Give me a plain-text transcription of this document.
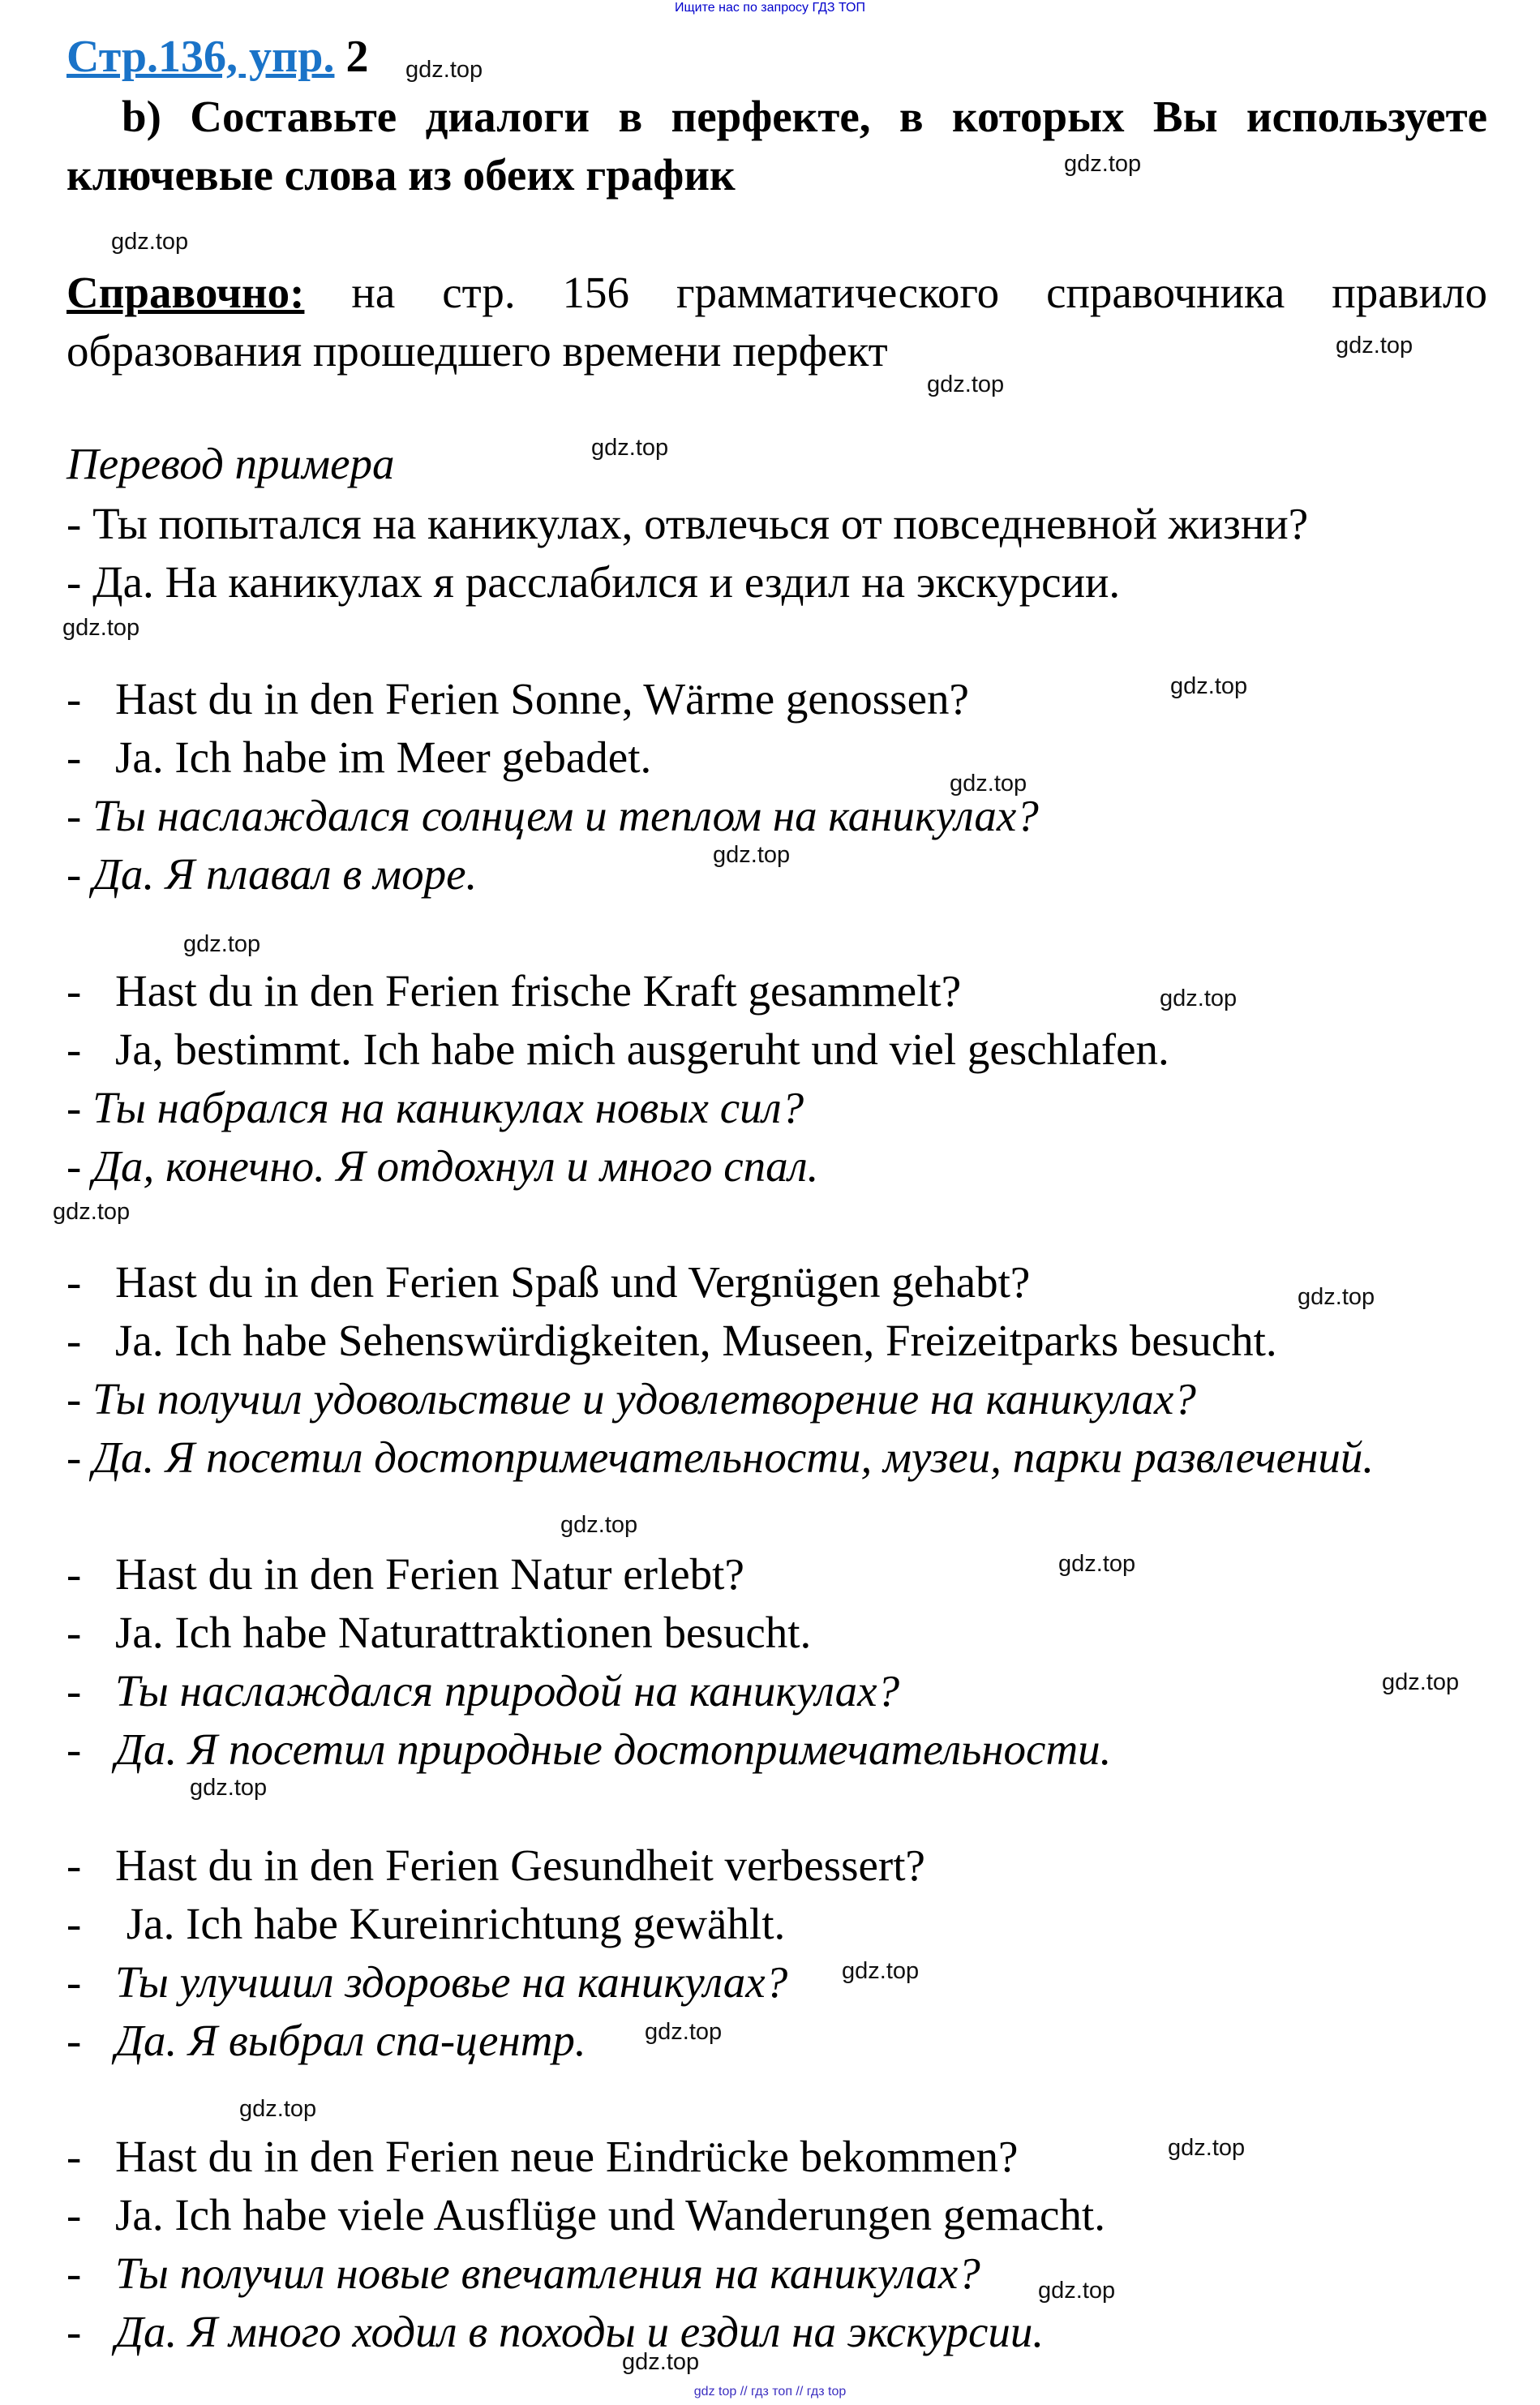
Ищите нас по запросу ГДЗ ТОП
Стр.136, упр. 2
b) Составьте диалоги в перфекте, в которых Вы используете
ключевые слова из обеих график
Справочно: на стр. 156 грамматического справочника правило
образования прошедшего времени перфект
Перевод примера
- Ты попытался на каникулах, отвлечься от повседневной жизни?
- Да. На каникулах я расслабился и ездил на экскурсии.
- Hast du in den Ferien Sonne, Wärme genossen?
- Ja. Ich habe im Meer gebadet.
- Ты наслаждался солнцем и теплом на каникулах?
- Да. Я плавал в море.
- Hast du in den Ferien frische Kraft gesammelt?
- Ja, bestimmt. Ich habe mich ausgeruht und viel geschlafen.
- Ты набрался на каникулах новых сил?
- Да, конечно. Я отдохнул и много спал.
- Hast du in den Ferien Spaß und Vergnügen gehabt?
- Ja. Ich habe Sehenswürdigkeiten, Museen, Freizeitparks besucht.
- Ты получил удовольствие и удовлетворение на каникулах?
- Да. Я посетил достопримечательности, музеи, парки развлечений.
- Hast du in den Ferien Natur erlebt?
- Ja. Ich habe Naturattraktionen besucht.
- Ты наслаждался природой на каникулах?
- Да. Я посетил природные достопримечательности.
- Hast du in den Ferien Gesundheit verbessert?
- Ja. Ich habe Kureinrichtung gewählt.
- Ты улучшил здоровье на каникулах?
- Да. Я выбрал спа-центр.
- Hast du in den Ferien neue Eindrücke bekommen?
- Ja. Ich habe viele Ausflüge und Wanderungen gemacht.
- Ты получил новые впечатления на каникулах?
- Да. Я много ходил в походы и ездил на экскурсии.
gdz.top
gdz.top
gdz.top
gdz.top
gdz.top
gdz.top
gdz.top
gdz.top
gdz.top
gdz.top
gdz.top
gdz.top
gdz.top
gdz.top
gdz.top
gdz.top
gdz.top
gdz.top
gdz.top
gdz.top
gdz.top
gdz.top
gdz.top
gdz.top
gdz top // гдз топ // гдз top
